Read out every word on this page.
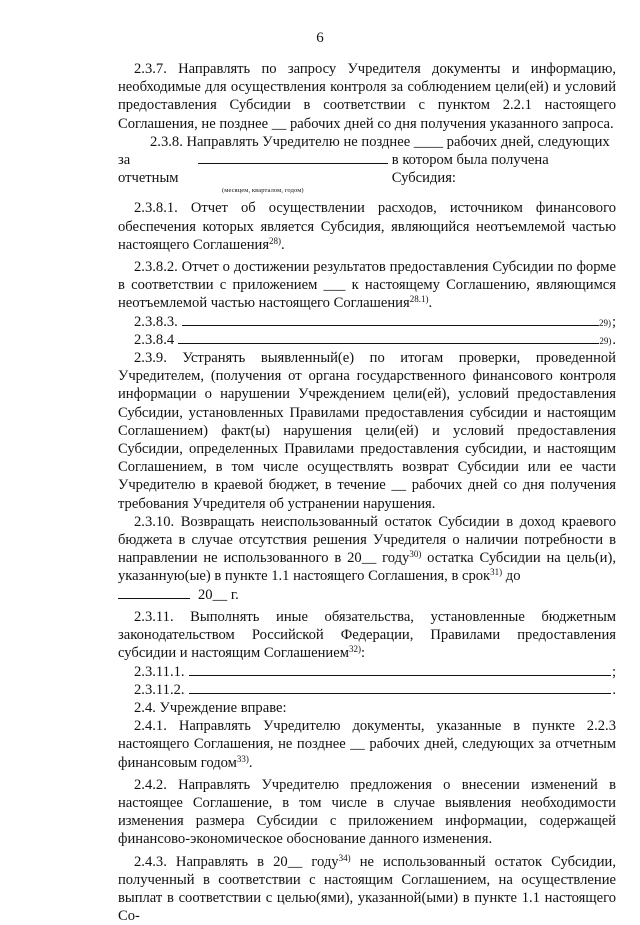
6

2.3.7. Направлять по запросу Учредителя документы и информацию, необходимые для осуществления контроля за соблюдением цели(ей) и условий предоставления Субсидии в соответствии с пунктом 2.2.1 настоящего Соглашения, не позднее __ рабочих дней со дня получения указанного запроса.

2.3.8. Направлять Учредителю не позднее ____ рабочих дней, следующих
за отчетным
в котором была получена Субсидия:
(месяцем, кварталом, годом)

2.3.8.1. Отчет об осуществлении расходов, источником финансового обеспечения которых является Субсидия, являющийся неотъемлемой частью настоящего Соглашения$^{28)}$.

2.3.8.2. Отчет о достижении результатов предоставления Субсидии по форме в соответствии с приложением ___ к настоящему Соглашению, являющимся неотъемлемой частью настоящего Соглашения$^{28.1)}$.

2.3.8.3.	29) ;
2.3.8.4	29) .

2.3.9. Устранять выявленный(е) по итогам проверки, проведенной Учредителем, (получения от органа государственного финансового контроля информации о нарушении Учреждением цели(ей), условий предоставления Субсидии, установленных Правилами предоставления субсидии и настоящим Соглашением) факт(ы) нарушения цели(ей) и условий предоставления Субсидии, определенных Правилами предоставления субсидии, и настоящим Соглашением, в том числе осуществлять возврат Субсидии или ее части Учредителю в краевой бюджет, в течение __ рабочих дней со дня получения требования Учредителя об устранении нарушения.

2.3.10. Возвращать неиспользованный остаток Субсидии в доход краевого бюджета в случае отсутствия решения Учредителя о наличии потребности в направлении не использованного в 20__ году$^{30)}$ остатка Субсидии на цель(и), указанную(ые) в пункте 1.1 настоящего Соглашения, в срок$^{31)}$ до

20__ г.

2.3.11. Выполнять иные обязательства, установленные бюджетным законодательством Российской Федерации, Правилами предоставления субсидии и настоящим Соглашением$^{32)}$:

2.3.11.1.	;
2.3.11.2.	.

2.4. Учреждение вправе:

2.4.1. Направлять Учредителю документы, указанные в пункте 2.2.3 настоящего Соглашения, не позднее __ рабочих дней, следующих за отчетным финансовым годом$^{33)}$.

2.4.2. Направлять Учредителю предложения о внесении изменений в настоящее Соглашение, в том числе в случае выявления необходимости изменения размера Субсидии с приложением информации, содержащей финансово-экономическое обоснование данного изменения.

2.4.3. Направлять в 20__ году$^{34)}$ не использованный остаток Субсидии, полученный в соответствии с настоящим Соглашением, на осуществление выплат в соответствии с целью(ями), указанной(ыми) в пункте 1.1 настоящего Со-
